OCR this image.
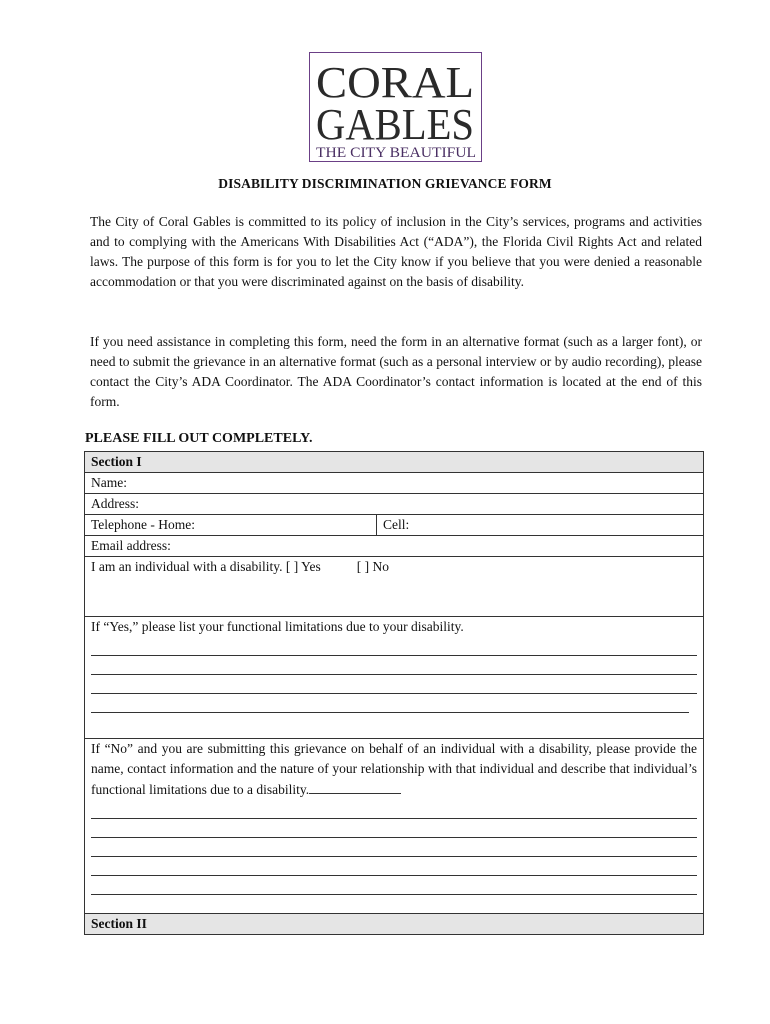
CORAL
GABLES
THE CITY BEAUTIFUL
DISABILITY DISCRIMINATION GRIEVANCE FORM

The City of Coral Gables is committed to its policy of inclusion in the City’s services, programs and activities and to complying with the Americans With Disabilities Act (“ADA”), the Florida Civil Rights Act and related laws. The purpose of this form is for you to let the City know if you believe that you were denied a reasonable accommodation or that you were discriminated against on the basis of disability.

If you need assistance in completing this form, need the form in an alternative format (such as a larger font), or need to submit the grievance in an alternative format (such as a personal interview or by audio recording), please contact the City’s ADA Coordinator. The ADA Coordinator’s contact information is located at the end of this form.

PLEASE FILL OUT COMPLETELY.
Section I
Name:
Address:
Telephone - Home:	Cell:
Email address:
I am an individual with a disability. [ ] Yes	[ ] No

If “Yes,” please list your functional limitations due to your disability.

If “No” and you are submitting this grievance on behalf of an individual with a disability, please provide the name, contact information and the nature of your relationship with that individual and describe that individual’s functional limitations due to a disability.

Section II
